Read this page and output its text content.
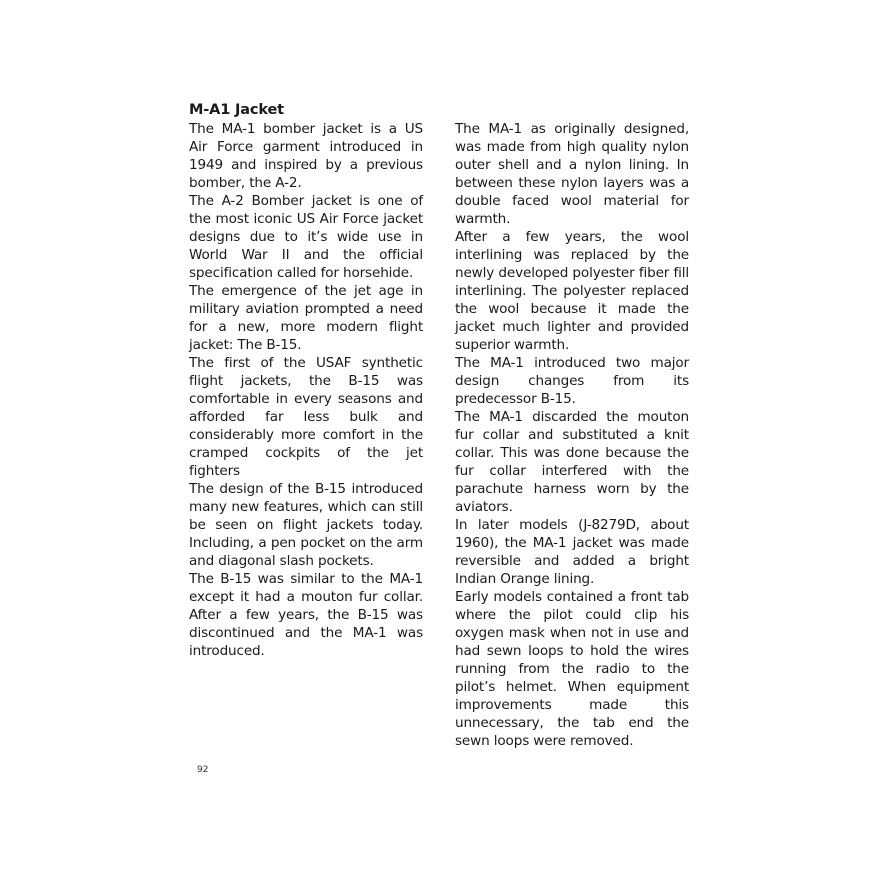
M-A1 Jacket

The MA-1 bomber jacket is a US Air Force garment introduced in 1949 and inspired by a previous bomber, the A-2.

The A-2 Bomber jacket is one of the most iconic US Air Force jacket designs due to it’s wide use in World War II and the official specification called for horsehide.

The emergence of the jet age in military aviation prompted a need for a new, more modern flight jacket: The B-15.

The first of the USAF synthetic flight jackets, the B-15 was comfortable in every seasons and afforded far less bulk and considerably more comfort in the cramped cockpits of the jet fighters

The design of the B-15 introduced many new features, which can still be seen on flight jackets today. Including, a pen pocket on the arm and diagonal slash pockets.

The B-15 was similar to the MA-1 except it had a mouton fur collar. After a few years, the B-15 was discontinued and the MA-1 was introduced.

The MA-1 as originally designed, was made from high quality nylon outer shell and a nylon lining. In between these nylon layers was a double faced wool material for warmth.

After a few years, the wool interlining was replaced by the newly developed polyester fiber fill interlining. The polyester replaced the wool because it made the jacket much lighter and provided superior warmth.

The MA-1 introduced two major design changes from its predecessor B-15.

The MA-1 discarded the mouton fur collar and substituted a knit collar. This was done because the fur collar interfered with the parachute harness worn by the aviators.

In later models (J-8279D, about 1960), the MA-1 jacket was made reversible and added a bright Indian Orange lining.

Early models contained a front tab where the pilot could clip his oxygen mask when not in use and had sewn loops to hold the wires running from the radio to the pilot’s helmet. When equipment improvements made this unnecessary, the tab end the sewn loops were removed.

92
